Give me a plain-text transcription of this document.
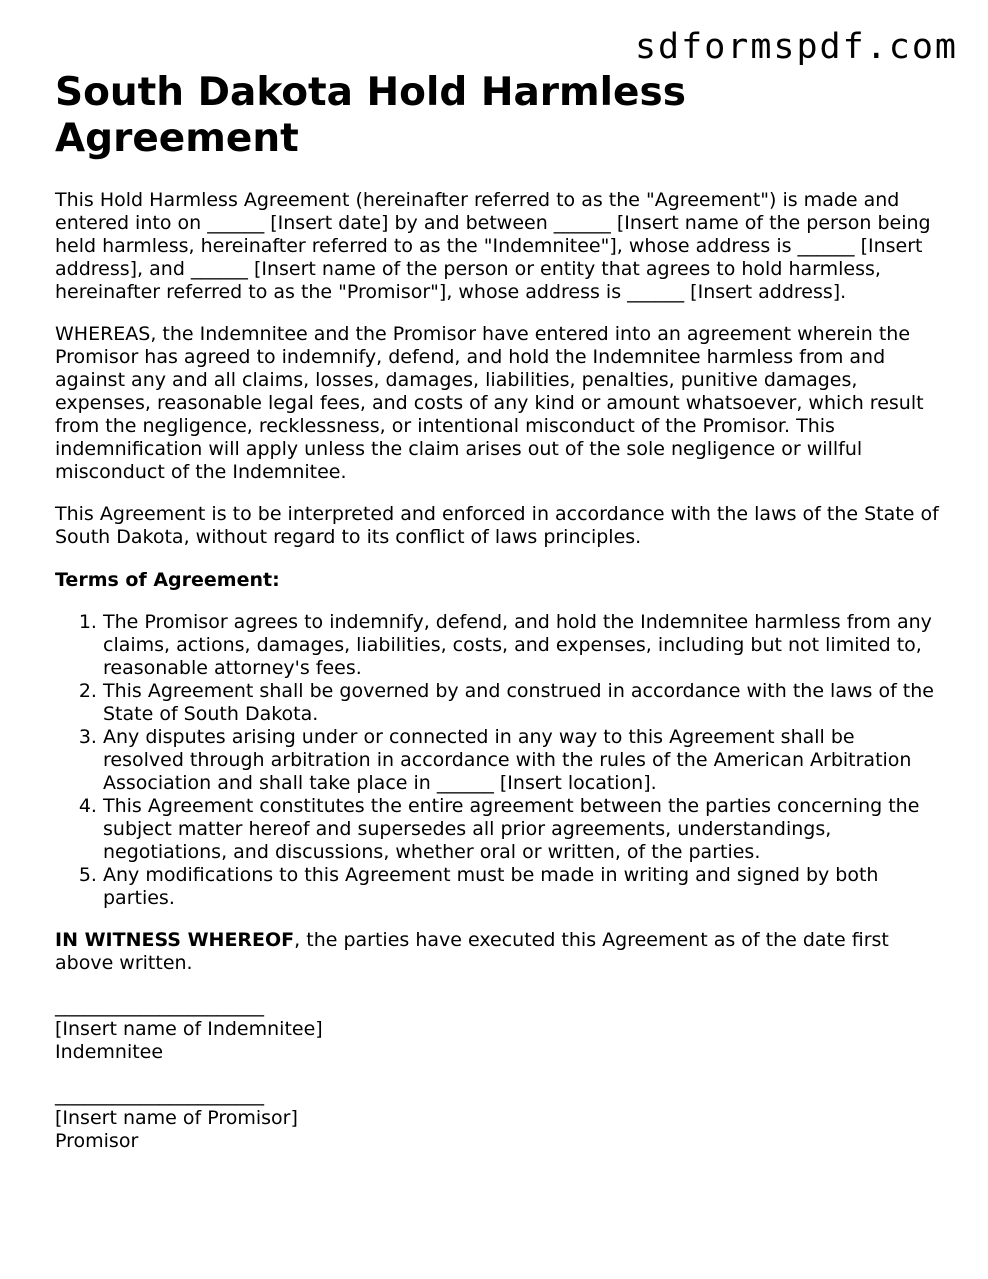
sdformspdf.com
South Dakota Hold Harmless Agreement

This Hold Harmless Agreement (hereinafter referred to as the "Agreement") is made and entered into on ______ [Insert date] by and between ______ [Insert name of the person being held harmless, hereinafter referred to as the "Indemnitee"], whose address is ______ [Insert address], and ______ [Insert name of the person or entity that agrees to hold harmless, hereinafter referred to as the "Promisor"], whose address is ______ [Insert address].

WHEREAS, the Indemnitee and the Promisor have entered into an agreement wherein the Promisor has agreed to indemnify, defend, and hold the Indemnitee harmless from and against any and all claims, losses, damages, liabilities, penalties, punitive damages, expenses, reasonable legal fees, and costs of any kind or amount whatsoever, which result from the negligence, recklessness, or intentional misconduct of the Promisor. This indemnification will apply unless the claim arises out of the sole negligence or willful misconduct of the Indemnitee.

This Agreement is to be interpreted and enforced in accordance with the laws of the State of South Dakota, without regard to its conflict of laws principles.

Terms of Agreement:

1. The Promisor agrees to indemnify, defend, and hold the Indemnitee harmless from any claims, actions, damages, liabilities, costs, and expenses, including but not limited to, reasonable attorney's fees.
2. This Agreement shall be governed by and construed in accordance with the laws of the State of South Dakota.
3. Any disputes arising under or connected in any way to this Agreement shall be resolved through arbitration in accordance with the rules of the American Arbitration Association and shall take place in ______ [Insert location].
4. This Agreement constitutes the entire agreement between the parties concerning the subject matter hereof and supersedes all prior agreements, understandings, negotiations, and discussions, whether oral or written, of the parties.
5. Any modifications to this Agreement must be made in writing and signed by both parties.

IN WITNESS WHEREOF, the parties have executed this Agreement as of the date first above written.

______________________
[Insert name of Indemnitee]
Indemnitee
______________________
[Insert name of Promisor]
Promisor
